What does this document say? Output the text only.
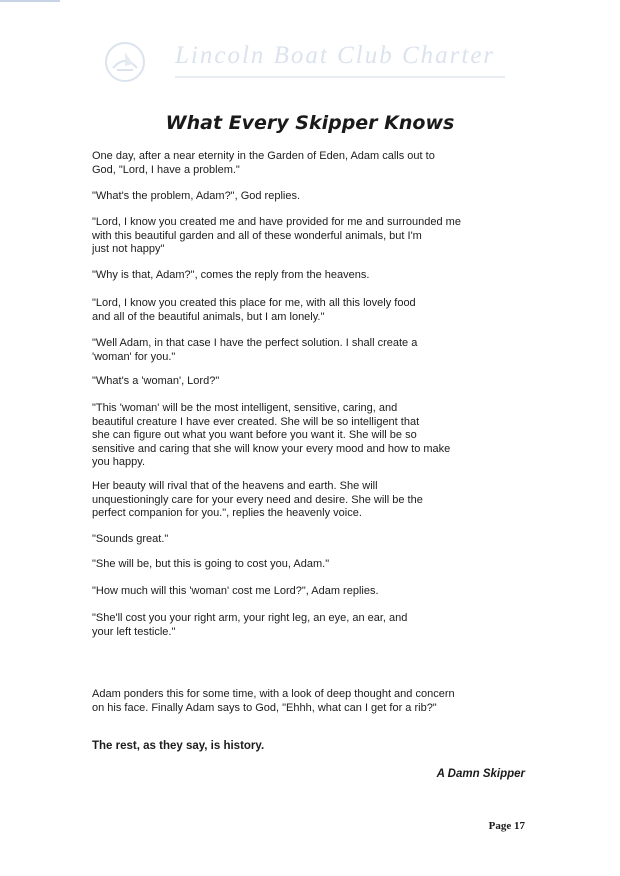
Lincoln Boat Club Charter
What Every Skipper Knows

One day, after a near eternity in the Garden of Eden, Adam calls out to
God, "Lord, I have a problem."

"What's the problem, Adam?", God replies.

"Lord, I know you created me and have provided for me and surrounded me
with this beautiful garden and all of these wonderful animals, but I'm
just not happy"

"Why is that, Adam?", comes the reply from the heavens.

"Lord, I know you created this place for me, with all this lovely food
and all of the beautiful animals, but I am lonely."

"Well Adam, in that case I have the perfect solution. I shall create a
'woman' for you."

"What's a 'woman', Lord?"

"This 'woman' will be the most intelligent, sensitive, caring, and
beautiful creature I have ever created. She will be so intelligent that
she can figure out what you want before you want it. She will be so
sensitive and caring that she will know your every mood and how to make
you happy.

Her beauty will rival that of the heavens and earth. She will
unquestioningly care for your every need and desire. She will be the
perfect companion for you.", replies the heavenly voice.

"Sounds great."

"She will be, but this is going to cost you, Adam."

"How much will this 'woman' cost me Lord?", Adam replies.

"She'll cost you your right arm, your right leg, an eye, an ear, and
your left testicle."

Adam ponders this for some time, with a look of deep thought and concern
on his face. Finally Adam says to God, "Ehhh, what can I get for a rib?"

The rest, as they say, is history.

A Damn Skipper
Page 17
